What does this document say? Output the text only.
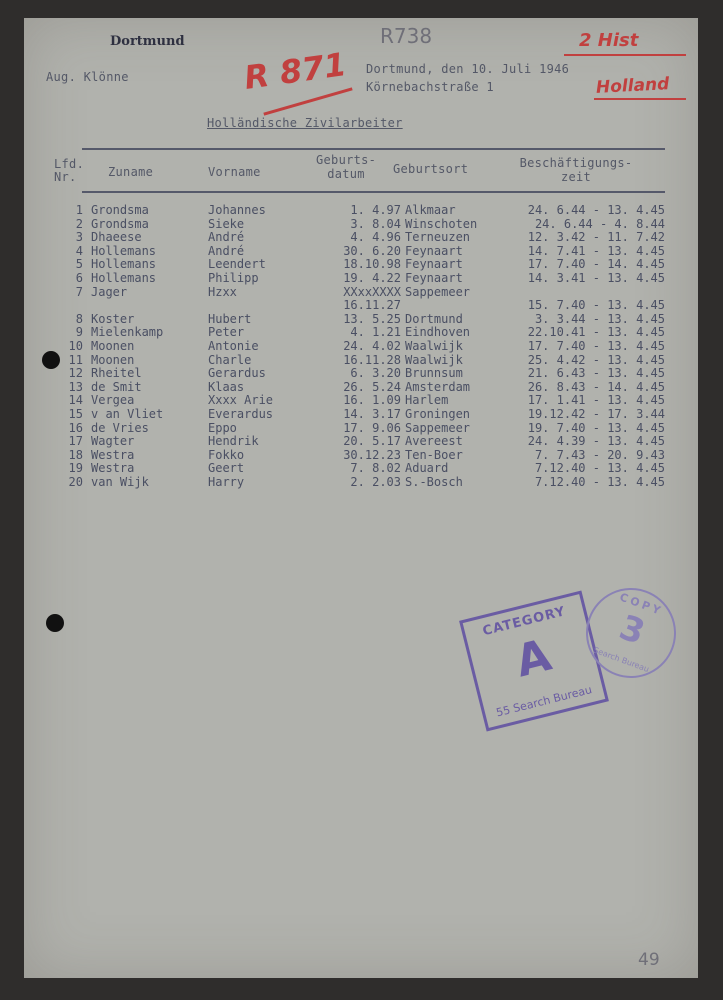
Dortmund
Aug. Klönne	R 871
R738
Dortmund, den 10. Juli 1946
Körnebachstraße 1
2 Hist
Holland
Holländische Zivilarbeiter
Lfd. Nr.	Zuname	Vorname
Geburts- datum	Geburtsort	Beschäftigungs- zeit
49
CATEGORY
A
55 Search Bureau
COPY
3
Search Bureau
1	Grondsma	Johannes	1. 4.97	Alkmaar	24. 6.44 - 13. 4.45
2	Grondsma	Sieke	3. 8.04	Winschoten	24. 6.44 - 4. 8.44
3	Dhaeese	André	4. 4.96	Terneuzen	12. 3.42 - 11. 7.42
4	Hollemans	André	30. 6.20	Feynaart	14. 7.41 - 13. 4.45
5	Hollemans	Leendert	18.10.98	Feynaart	17. 7.40 - 14. 4.45
6	Hollemans	Philipp	19. 4.22	Feynaart	14. 3.41 - 13. 4.45
7	Jager	Hzxx	XXxxXXXX	Sappemeer	
			16.11.27		15. 7.40 - 13. 4.45
8	Koster	Hubert	13. 5.25	Dortmund	3. 3.44 - 13. 4.45
9	Mielenkamp	Peter	4. 1.21	Eindhoven	22.10.41 - 13. 4.45
10	Moonen	Antonie	24. 4.02	Waalwijk	17. 7.40 - 13. 4.45
11	Moonen	Charle	16.11.28	Waalwijk	25. 4.42 - 13. 4.45
12	Rheitel	Gerardus	6. 3.20	Brunnsum	21. 6.43 - 13. 4.45
13	de Smit	Klaas	26. 5.24	Amsterdam	26. 8.43 - 14. 4.45
14	Vergea	Xxxx Arie	16. 1.09	Harlem	17. 1.41 - 13. 4.45
15	v an Vliet	Everardus	14. 3.17	Groningen	19.12.42 - 17. 3.44
16	de Vries	Eppo	17. 9.06	Sappemeer	19. 7.40 - 13. 4.45
17	Wagter	Hendrik	20. 5.17	Avereest	24. 4.39 - 13. 4.45
18	Westra	Fokko	30.12.23	Ten-Boer	7. 7.43 - 20. 9.43
19	Westra	Geert	7. 8.02	Aduard	7.12.40 - 13. 4.45
20	van Wijk	Harry	2. 2.03	S.-Bosch	7.12.40 - 13. 4.45
